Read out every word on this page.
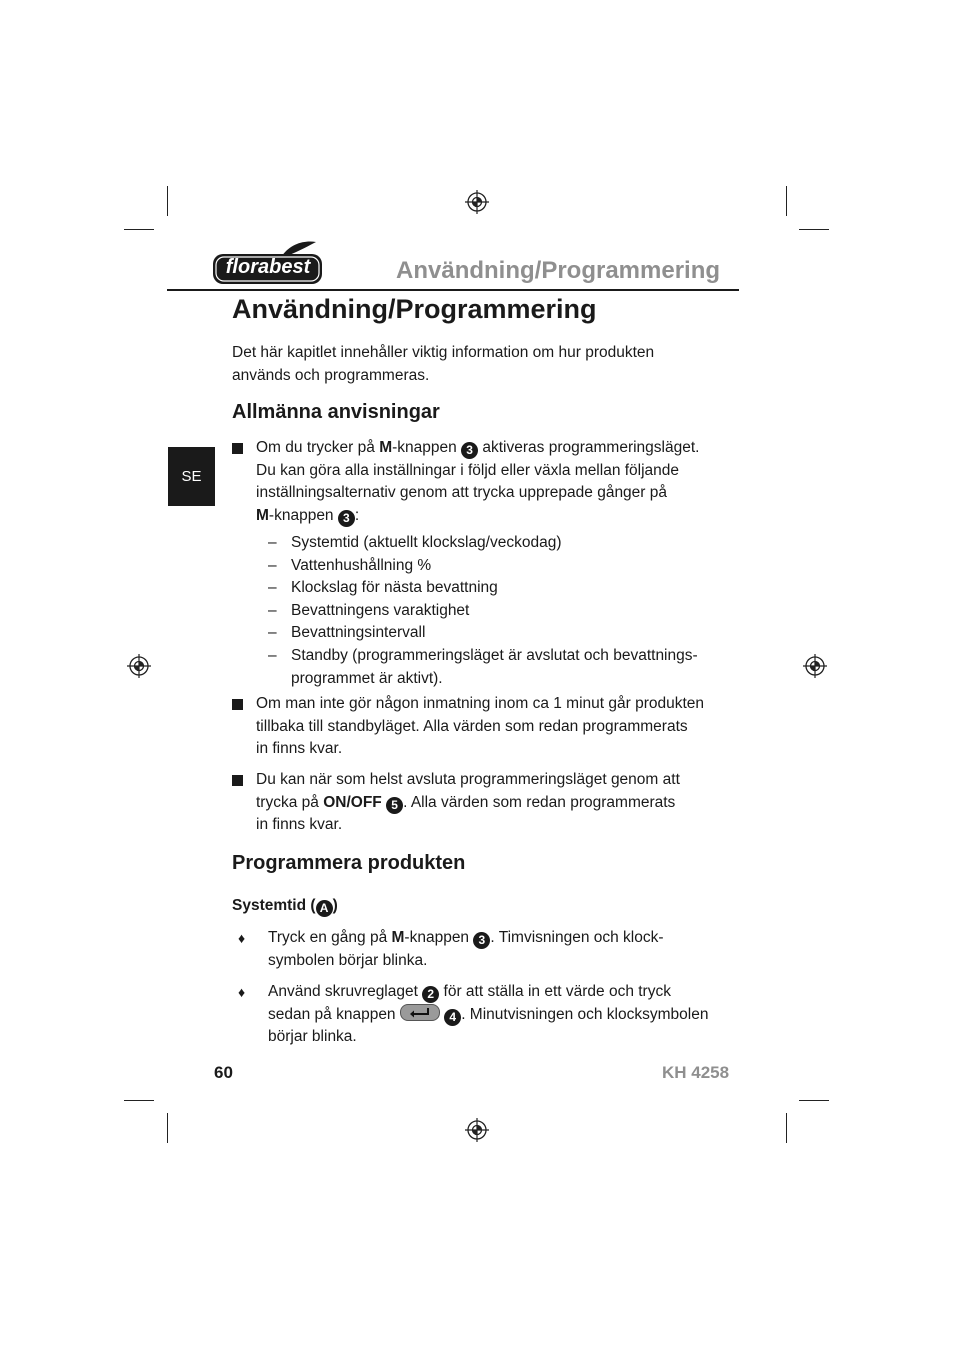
florabest	Användning/Programmering
SE
Användning/Programmering
Det här kapitlet innehåller viktig information om hur produkten
används och programmeras.
Allmänna anvisningar
Om du trycker på M-knappen 3 aktiveras programmeringsläget.
Du kan göra alla inställningar i följd eller växla mellan följande
inställningsalternativ genom att trycka upprepade gånger på
M-knappen 3 :
– Systemtid (aktuellt klockslag/veckodag)
– Vattenhushållning %
– Klockslag för nästa bevattning
– Bevattningens varaktighet
– Bevattningsintervall
– Standby (programmeringsläget är avslutat och bevattnings-
programmet är aktivt).
Om man inte gör någon inmatning inom ca 1 minut går produkten
tillbaka till standbyläget. Alla värden som redan programmerats
in finns kvar.
Du kan när som helst avsluta programmeringsläget genom att
trycka på ON/OFF 5 . Alla värden som redan programmerats
in finns kvar.
Programmera produkten
Systemtid ( A )
♦ Tryck en gång på M-knappen 3 . Timvisningen och klock-
symbolen börjar blinka.
♦ Använd skruvreglaget 2 för att ställa in ett värde och tryck
sedan på knappen	4 . Minutvisningen och klocksymbolen
börjar blinka.
60	KH 4258
